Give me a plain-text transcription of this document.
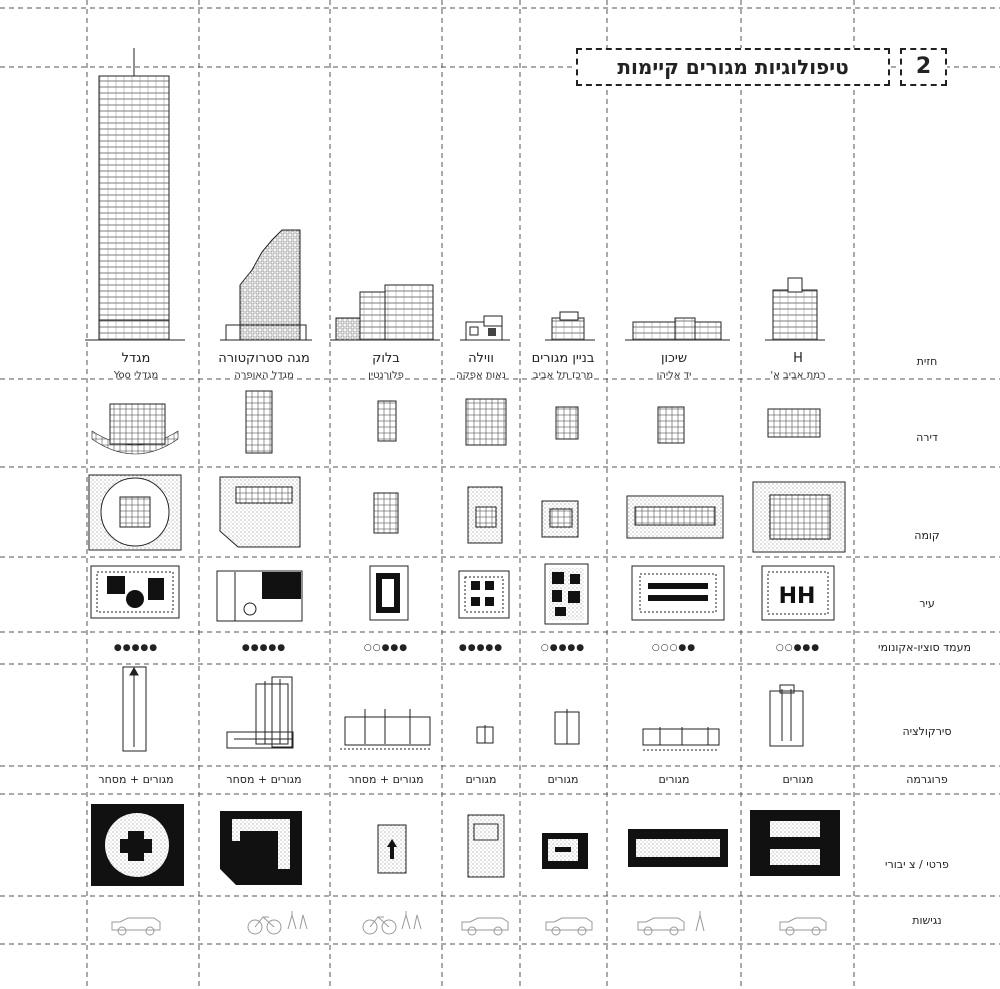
טיפולוגיות מגורים קיימות	2
H
רמת אביב א'
שיכון
יד אליהו
בניין מגורים
מרכז תל אביב
ווילה
נאות אפקה
בלוק
פלורנטין
מגה סטרוקטורה
מגדל האופרה
מגדל
מגדלי Yoo
חזית
דירה
קומה
עיר
מעמד סוציו-אקונומי
סירקולציה
פרוגרמה
פרטי / צ יבורי
נגישות
HH
○○●●●
○○○●●
○●●●●
●●●●●
○○●●●
●●●●●
●●●●●
מגורים
מגורים
מגורים
מגורים
מגורים + מסחר
מגורים + מסחר
מגורים + מסחר
